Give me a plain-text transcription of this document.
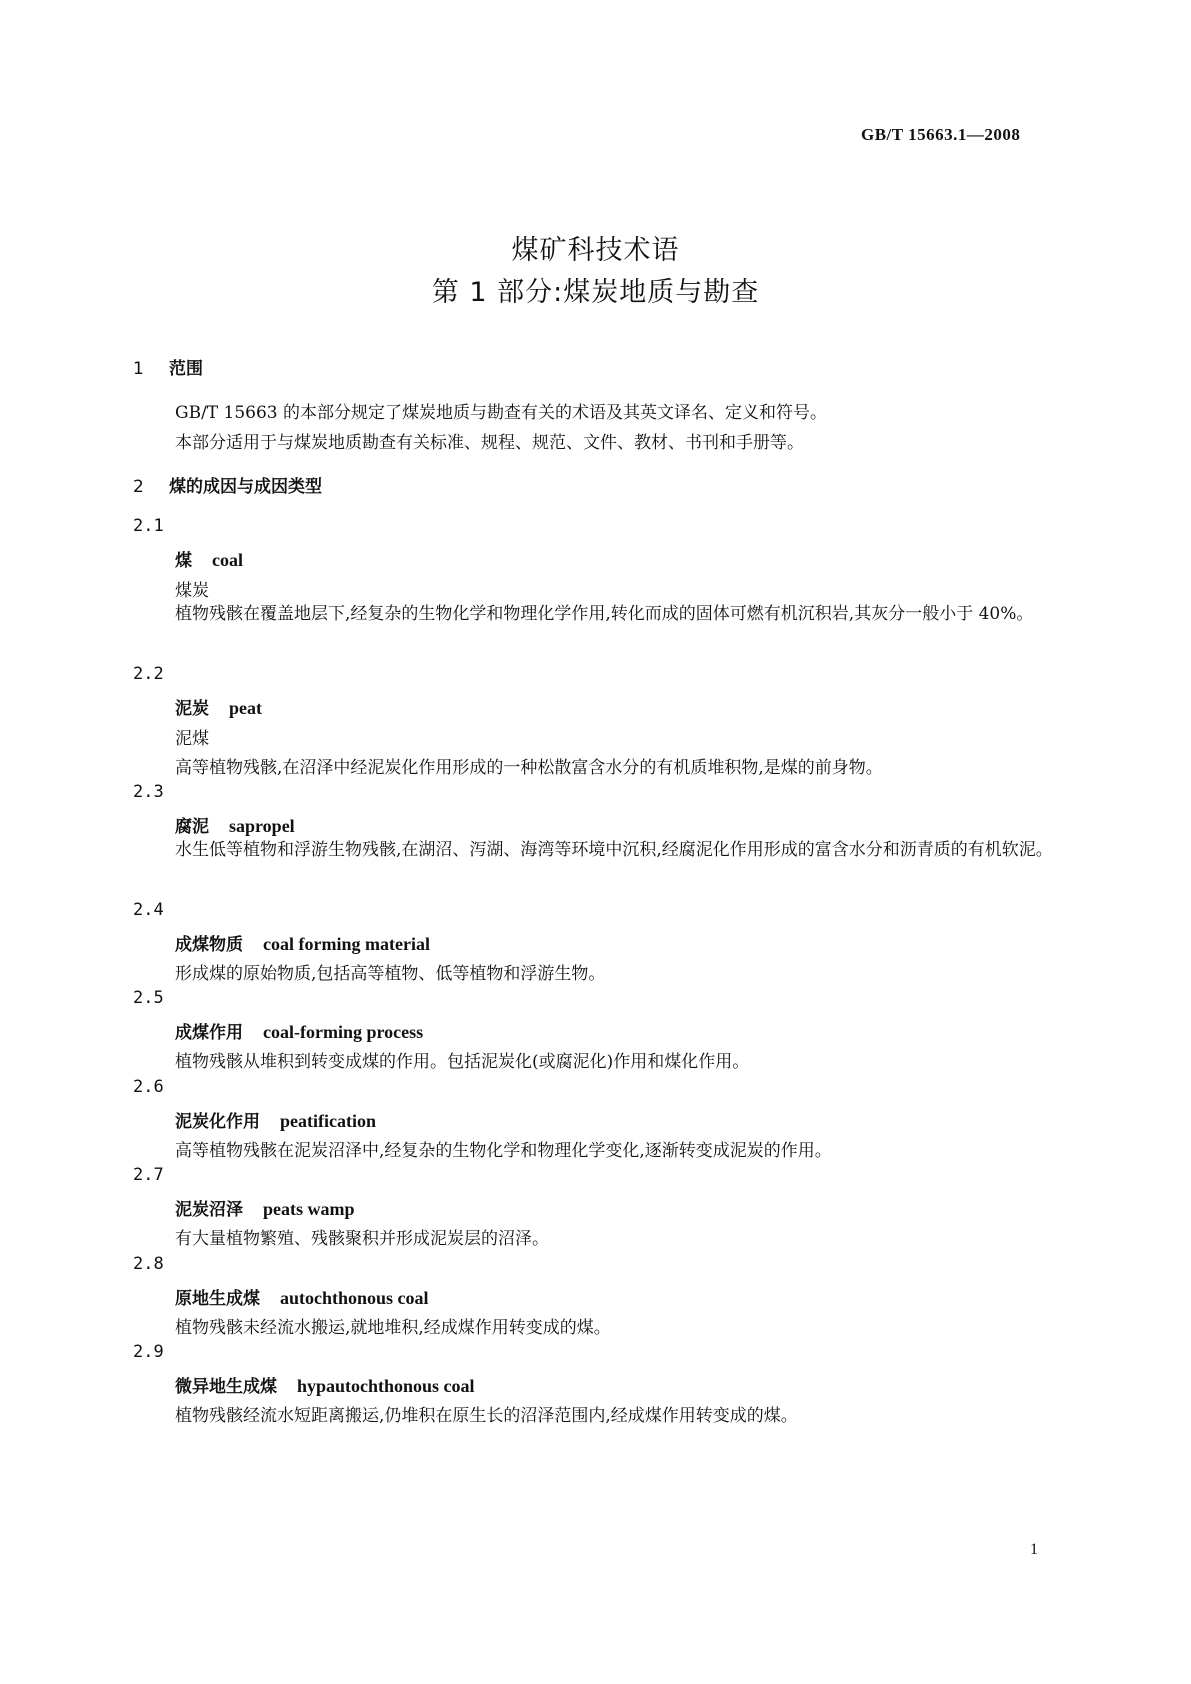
GB/T 15663.1—2008
煤矿科技术语
第 1 部分:煤炭地质与勘查
1 范围
GB/T 15663 的本部分规定了煤炭地质与勘查有关的术语及其英文译名、定义和符号。
本部分适用于与煤炭地质勘查有关标准、规程、规范、文件、教材、书刊和手册等。
2 煤的成因与成因类型
2.1
煤 coal
煤炭
植物残骸在覆盖地层下,经复杂的生物化学和物理化学作用,转化而成的固体可燃有机沉积岩,其灰分一般小于 40%。
2.2
泥炭 peat
泥煤
高等植物残骸,在沼泽中经泥炭化作用形成的一种松散富含水分的有机质堆积物,是煤的前身物。
2.3
腐泥 sapropel
水生低等植物和浮游生物残骸,在湖沼、泻湖、海湾等环境中沉积,经腐泥化作用形成的富含水分和沥青质的有机软泥。
2.4
成煤物质 coal forming material
形成煤的原始物质,包括高等植物、低等植物和浮游生物。
2.5
成煤作用 coal-forming process
植物残骸从堆积到转变成煤的作用。包括泥炭化(或腐泥化)作用和煤化作用。
2.6
泥炭化作用 peatification
高等植物残骸在泥炭沼泽中,经复杂的生物化学和物理化学变化,逐渐转变成泥炭的作用。
2.7
泥炭沼泽 peats wamp
有大量植物繁殖、残骸聚积并形成泥炭层的沼泽。
2.8
原地生成煤 autochthonous coal
植物残骸未经流水搬运,就地堆积,经成煤作用转变成的煤。
2.9
微异地生成煤 hypautochthonous coal
植物残骸经流水短距离搬运,仍堆积在原生长的沼泽范围内,经成煤作用转变成的煤。
1
